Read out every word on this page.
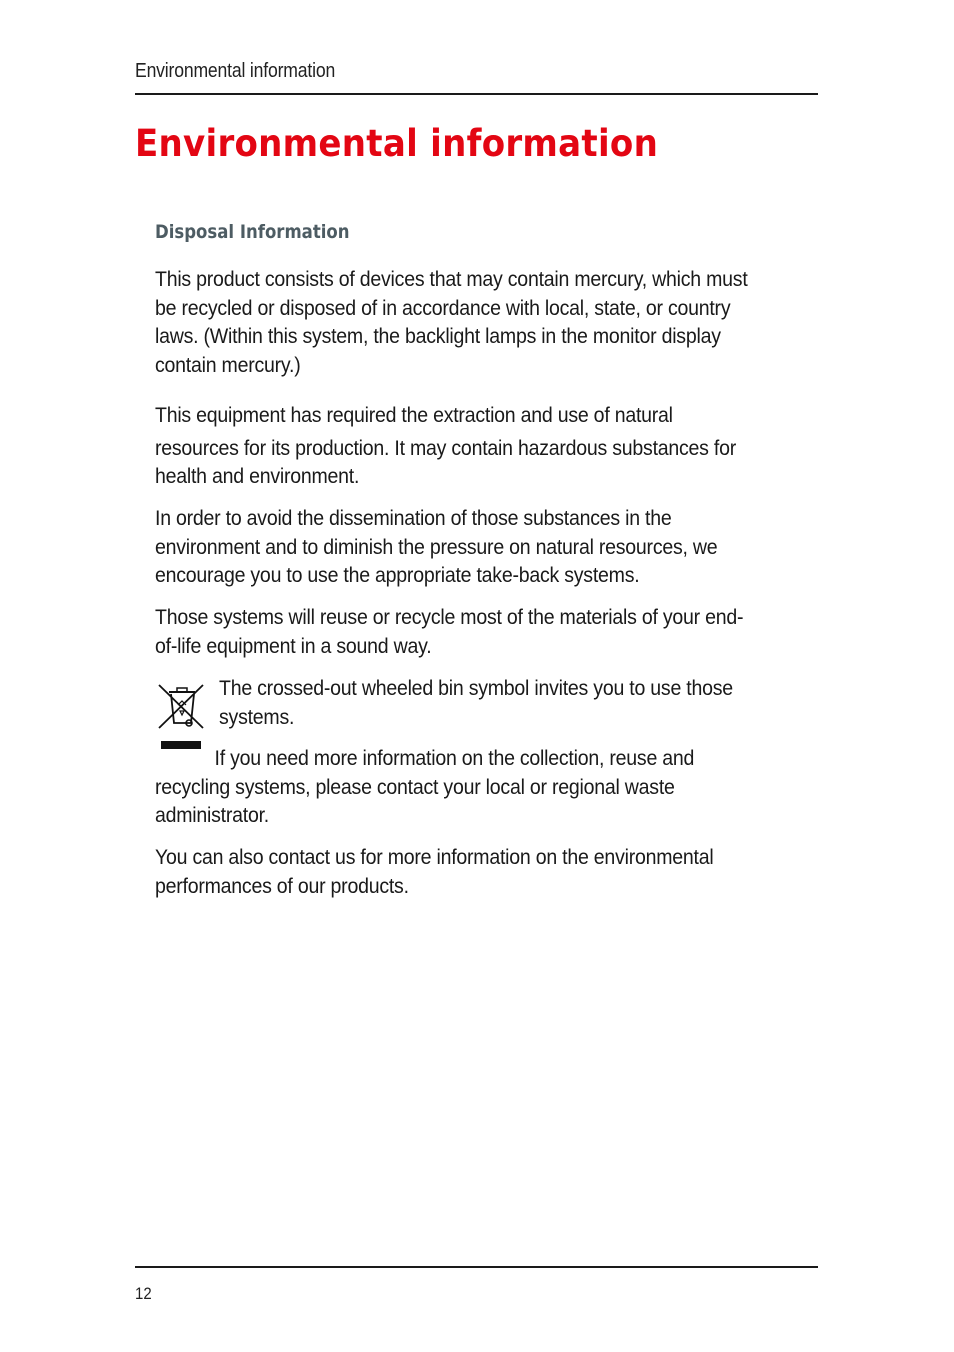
Environmental information
Environmental information
Disposal Information

This product consists of devices that may contain mercury, which must
be recycled or disposed of in accordance with local, state, or country
laws. (Within this system, the backlight lamps in the monitor display
contain mercury.)

This equipment has required the extraction and use of natural
resources for its production. It may contain hazardous substances for
health and environment.

In order to avoid the dissemination of those substances in the
environment and to diminish the pressure on natural resources, we
encourage you to use the appropriate take-back systems.

Those systems will reuse or recycle most of the materials of your end-
of-life equipment in a sound way.

The crossed-out wheeled bin symbol invites you to use those
systems.

If you need more information on the collection, reuse and
recycling systems, please contact your local or regional waste
administrator.

You can also contact us for more information on the environmental
performances of our products.

12
